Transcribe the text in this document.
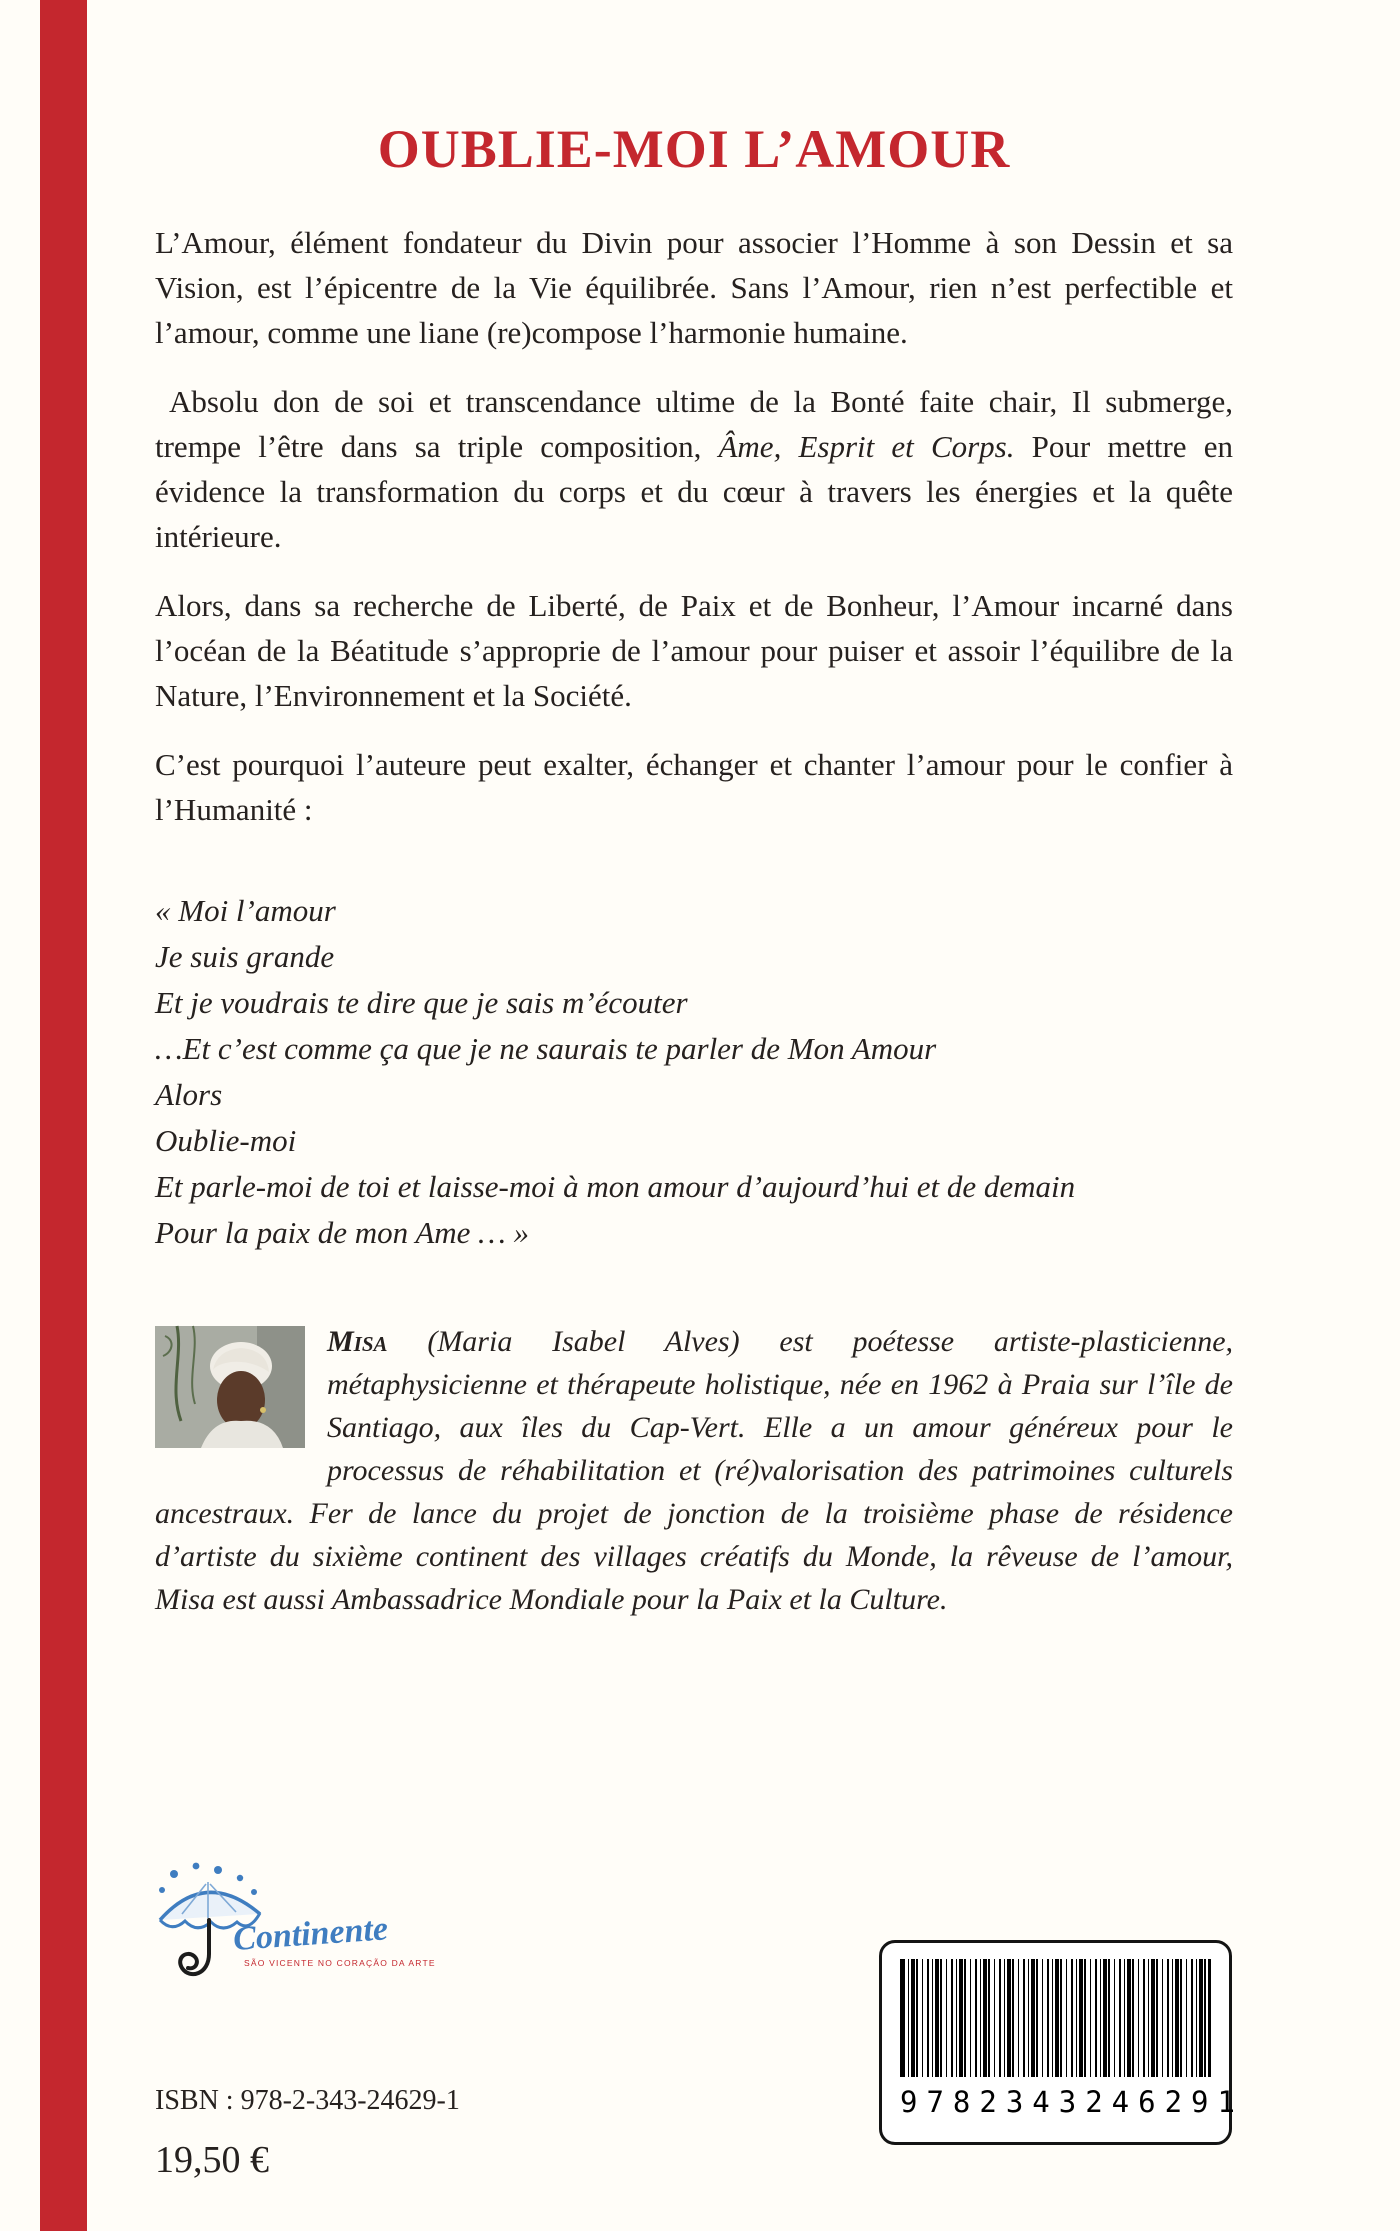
OUBLIE-MOI L’AMOUR

L’Amour, élément fondateur du Divin pour associer l’Homme à son Dessin et sa Vision, est l’épicentre de la Vie équilibrée. Sans l’Amour, rien n’est perfectible et l’amour, comme une liane (re)compose l’harmonie humaine.

Absolu don de soi et transcendance ultime de la Bonté faite chair, Il submerge, trempe l’être dans sa triple composition, Âme, Esprit et Corps. Pour mettre en évidence la transformation du corps et du cœur à travers les énergies et la quête intérieure.

Alors, dans sa recherche de Liberté, de Paix et de Bonheur, l’Amour incarné dans l’océan de la Béatitude s’approprie de l’amour pour puiser et assoir l’équilibre de la Nature, l’Environnement et la Société.

C’est pourquoi l’auteure peut exalter, échanger et chanter l’amour pour le confier à l’Humanité :

« Moi l’amour
Je suis grande
Et je voudrais te dire que je sais m’écouter
…Et c’est comme ça que je ne saurais te parler de Mon Amour
Alors
Oublie-moi
Et parle-moi de toi et laisse-moi à mon amour d’aujourd’hui et de demain
Pour la paix de mon Ame … »
Misa (Maria Isabel Alves) est poétesse artiste-plasticienne, métaphysicienne et thérapeute holistique, née en 1962 à Praia sur l’île de Santiago, aux îles du Cap-Vert. Elle a un amour généreux pour le processus de réhabilitation et (ré)valorisation des patrimoines culturels ancestraux. Fer de lance du projet de jonction de la troisième phase de résidence d’artiste du sixième continent des villages créatifs du Monde, la rêveuse de l’amour, Misa est aussi Ambassadrice Mondiale pour la Paix et la Culture.
Continente
SÃO VICENTE NO CORAÇÃO DA ARTE
ISBN : 978-2-343-24629-1
19,50 €
9782343246291
